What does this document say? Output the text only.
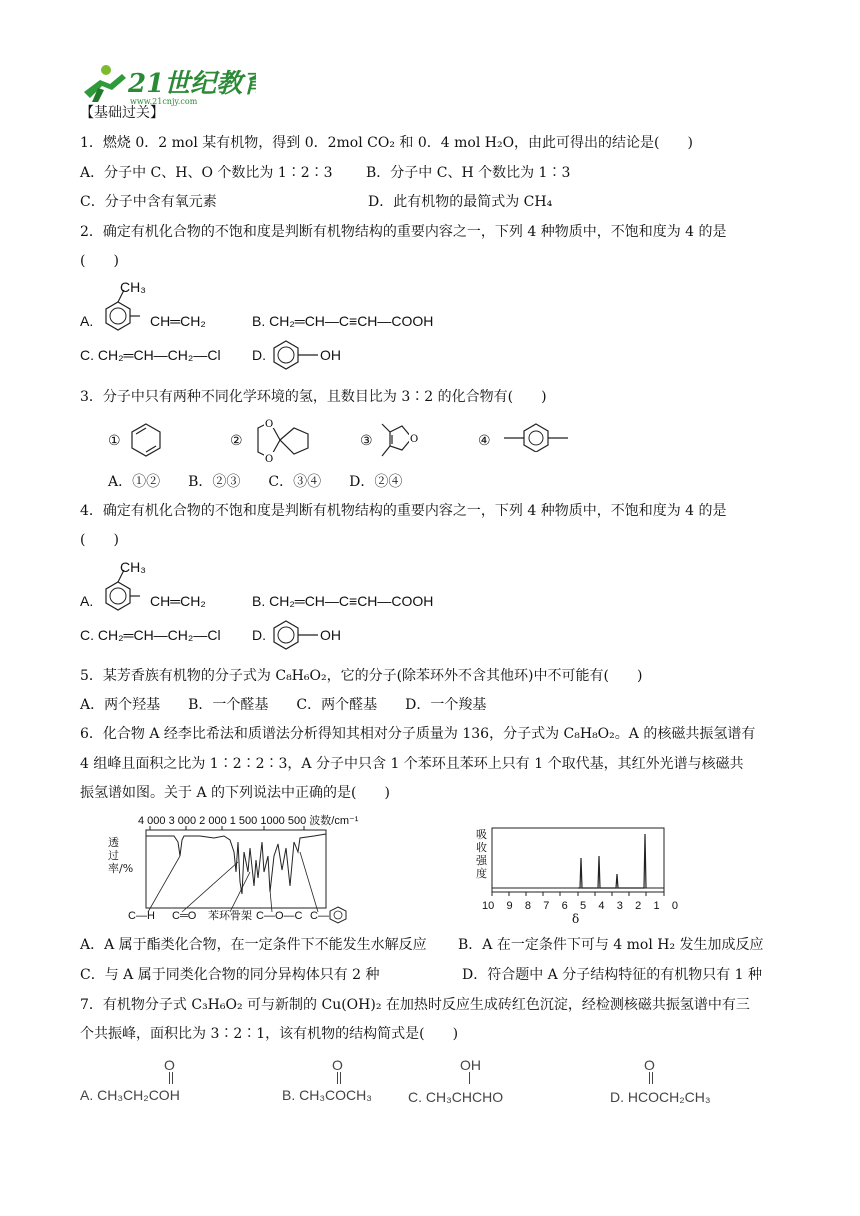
21世纪教育
www.21cnjy.com
【基础过关】
1．燃烧 0．2 mol 某有机物，得到 0．2mol CO₂ 和 0．4 mol H₂O，由此可得出的结论是(　　)
A．分子中 C、H、O 个数比为 1∶2∶3 B．分子中 C、H 个数比为 1∶3
C．分子中含有氧元素	D．此有机物的最简式为 CH₄
2．确定有机化合物的不饱和度是判断有机物结构的重要内容之一，下列 4 种物质中，不饱和度为 4 的是
(　　)
A.
CH₃
CH═CH₂	B. CH₂═CH—C≡CH—COOH
C. CH₂═CH—CH₂—Cl D.	OH
3．分子中只有两种不同化学环境的氢，且数目比为 3∶2 的化合物有(　　)
①	②
O
O
③	O	④
A．①②　　B．②③　　C．③④　　D．②④
4．确定有机化合物的不饱和度是判断有机物结构的重要内容之一，下列 4 种物质中，不饱和度为 4 的是
(　　)
A.
CH₃
CH═CH₂	B. CH₂═CH—C≡CH—COOH
C. CH₂═CH—CH₂—Cl D.	OH
5．某芳香族有机物的分子式为 C₈H₆O₂，它的分子(除苯环外不含其他环)中不可能有(　　)
A．两个羟基　　B．一个醛基　　C．两个醛基　　D．一个羧基
6．化合物 A 经李比希法和质谱法分析得知其相对分子质量为 136，分子式为 C₈H₈O₂。A 的核磁共振氢谱有
4 组峰且面积之比为 1∶2∶2∶3，A 分子中只含 1 个苯环且苯环上只有 1 个取代基，其红外光谱与核磁共
振氢谱如图。关于 A 的下列说法中正确的是(　　)
4 000 3 000 2 000 1 500 1000 500 波数/cm⁻¹
透过率/%
C—H C═O 苯环骨架 C—O—C C—
吸收强度
10 9 8 7 6 5 4 3 2 1 0
δ
A．A 属于酯类化合物，在一定条件下不能发生水解反应 B．A 在一定条件下可与 4 mol H₂ 发生加成反应
C．与 A 属于同类化合物的同分异构体只有 2 种	D．符合题中 A 分子结构特征的有机物只有 1 种
7．有机物分子式 C₃H₆O₂ 可与新制的 Cu(OH)₂ 在加热时反应生成砖红色沉淀，经检测核磁共振氢谱中有三
个共振峰，面积比为 3∶2∶1，该有机物的结构简式是(　　)
O
A. CH₃CH₂COH
O
B. CH₃COCH₃
OH
C. CH₃CHCHO
O
D. HCOCH₂CH₃
